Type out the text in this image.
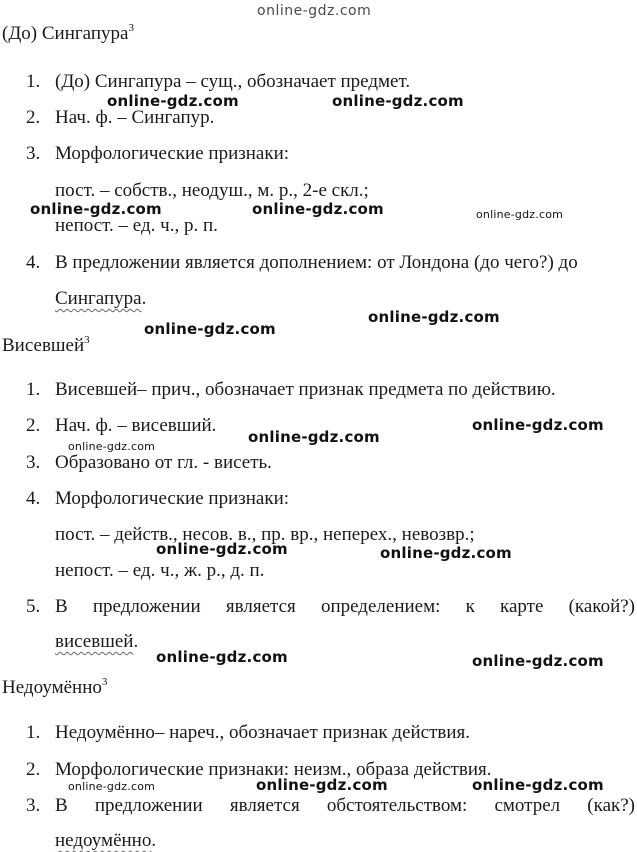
(До) Сингапура$^3$
1. (До) Сингапура – сущ., обозначает предмет.
2. Нач. ф. – Сингапур.
3. Морфологические признаки:
пост. – собств., неодуш., м. р., 2-е скл.;
непост. – ед. ч., р. п.
4. В предложении является дополнением: от Лондона (до чего?) до
Сингапура.
Висевшей$^3$
1. Висевшей– прич., обозначает признак предмета по действию.
2. Нач. ф. – висевший.
3. Образовано от гл. - висеть.
4. Морфологические признаки:
пост. – действ., несов. в., пр. вр., неперех., невозвр.;
непост. – ед. ч., ж. р., д. п.
5. В предложении является определением: к карте (какой?)
висевшей.
Недоумённо$^3$
1. Недоумённо– нареч., обозначает признак действия.
2. Морфологические признаки: неизм., образа действия.
3. В предложении является обстоятельством: смотрел (как?)
недоумённо.
online-gdz.com
online-gdz.com	online-gdz.com
online-gdz.com	online-gdz.com	online-gdz.com
online-gdz.com
online-gdz.com
online-gdz.com
online-gdz.com
online-gdz.com
online-gdz.com	online-gdz.com
online-gdz.com	online-gdz.com
online-gdz.com	online-gdz.com	online-gdz.com
